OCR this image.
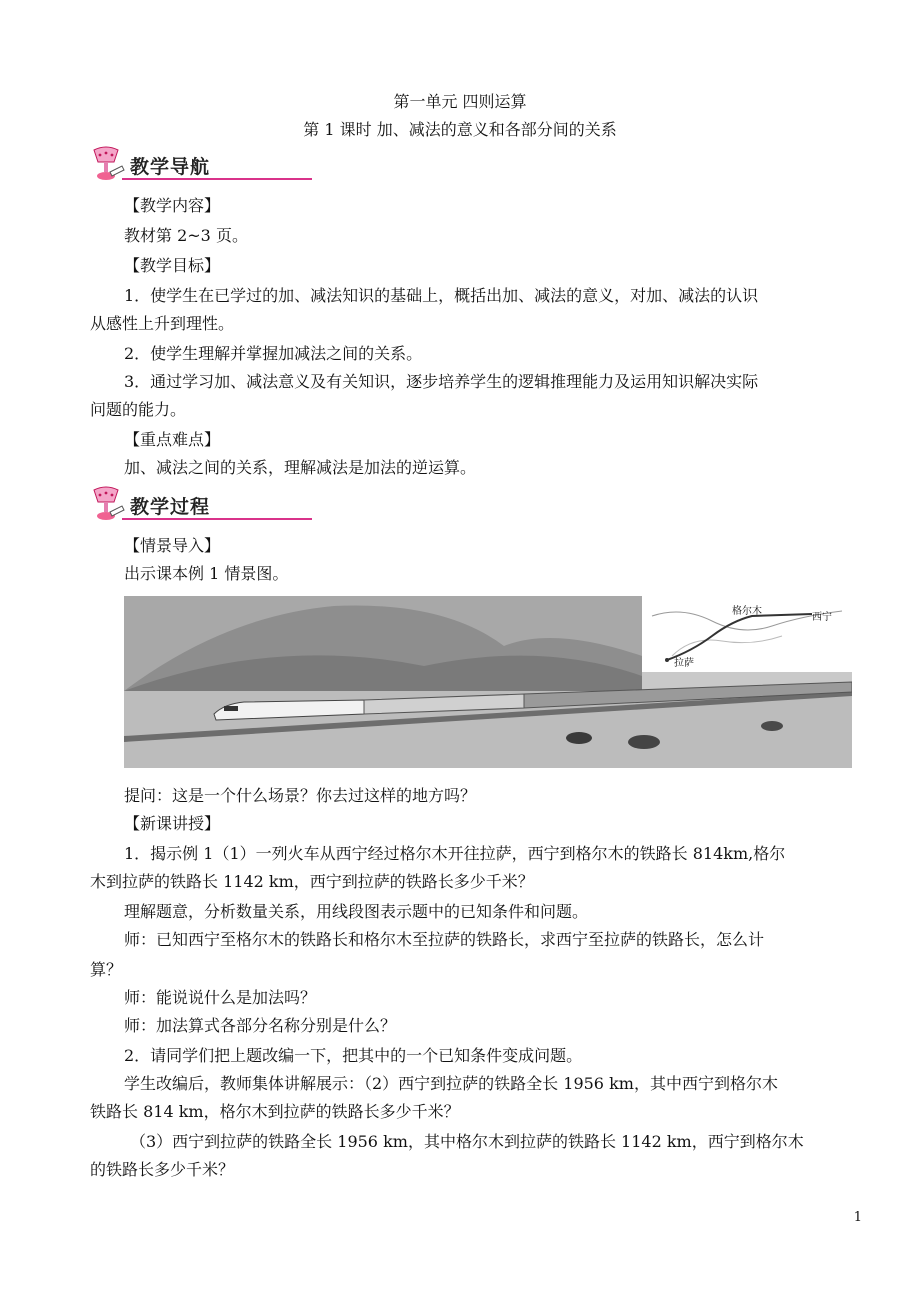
第一单元 四则运算
第 1 课时 加、减法的意义和各部分间的关系
教学导航
【教学内容】
教材第 2~3 页。
【教学目标】
1．使学生在已学过的加、减法知识的基础上，概括出加、减法的意义，对加、减法的认识
从感性上升到理性。
2．使学生理解并掌握加减法之间的关系。
3．通过学习加、减法意义及有关知识，逐步培养学生的逻辑推理能力及运用知识解决实际
问题的能力。
【重点难点】
加、减法之间的关系，理解减法是加法的逆运算。
教学过程
【情景导入】
出示课本例 1 情景图。
格尔木
西宁
拉萨
提问：这是一个什么场景？你去过这样的地方吗？
【新课讲授】
1．揭示例 1（1）一列火车从西宁经过格尔木开往拉萨，西宁到格尔木的铁路长 814km,格尔
木到拉萨的铁路长 1142 km，西宁到拉萨的铁路长多少千米？
理解题意，分析数量关系，用线段图表示题中的已知条件和问题。
师：已知西宁至格尔木的铁路长和格尔木至拉萨的铁路长，求西宁至拉萨的铁路长，怎么计
算？
师：能说说什么是加法吗？
师：加法算式各部分名称分别是什么？
2．请同学们把上题改编一下，把其中的一个已知条件变成问题。
学生改编后，教师集体讲解展示：（2）西宁到拉萨的铁路全长 1956 km，其中西宁到格尔木
铁路长 814 km，格尔木到拉萨的铁路长多少千米？
（3）西宁到拉萨的铁路全长 1956 km，其中格尔木到拉萨的铁路长 1142 km，西宁到格尔木
的铁路长多少千米？
1
